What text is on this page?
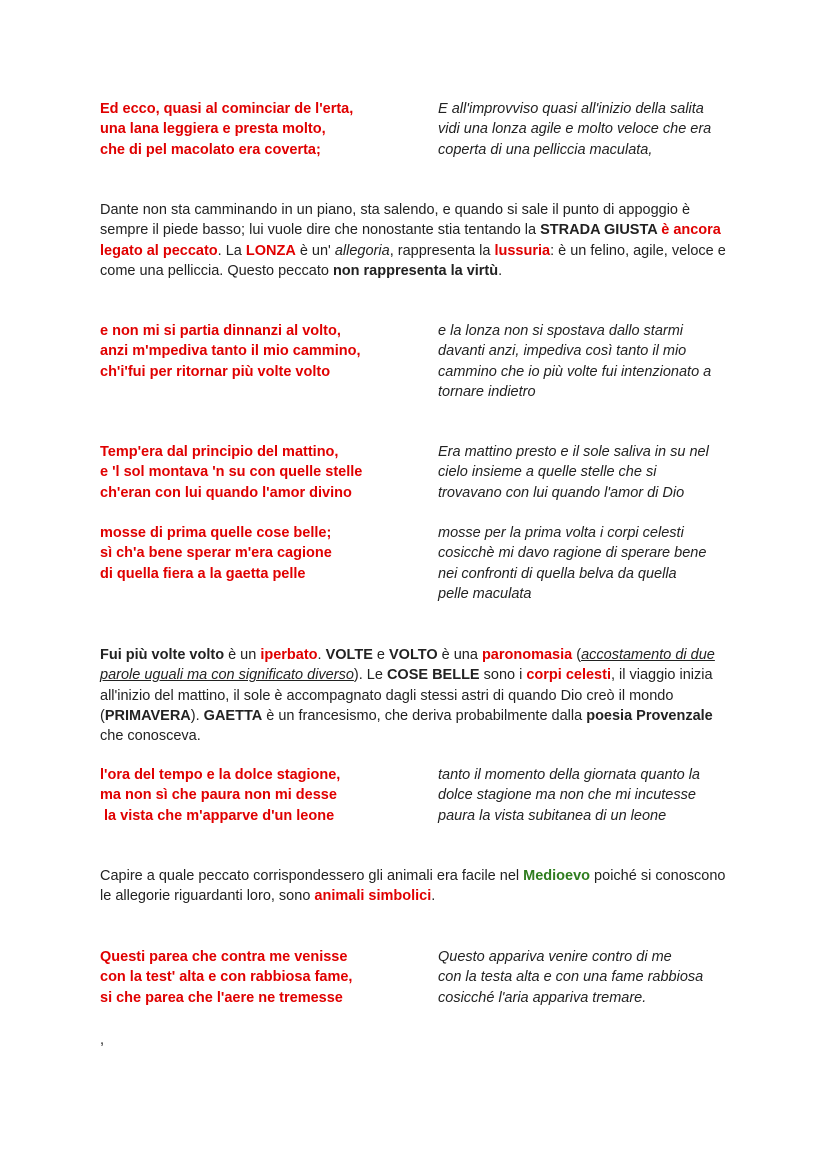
Ed ecco, quasi al cominciar de l'erta,
una lana leggiera e presta molto,
che di pel macolato era coverta;
E all'improvviso quasi all'inizio della salita
vidi una lonza agile e molto veloce che era
coperta di una pelliccia maculata,

Dante non sta camminando in un piano, sta salendo, e quando si sale il punto di appoggio è sempre il piede basso; lui vuole dire che nonostante stia tentando la STRADA GIUSTA è ancora legato al peccato. La LONZA è un' allegoria, rappresenta la lussuria: è un felino, agile, veloce e come una pelliccia. Questo peccato non rappresenta la virtù.

e non mi si partia dinnanzi al volto,
anzi m'mpediva tanto il mio cammino,
ch'i'fui per ritornar più volte volto
e la lonza non si spostava dallo starmi
davanti anzi, impediva così tanto il mio
cammino che io più volte fui intenzionato a
tornare indietro
Temp'era dal principio del mattino,
e 'l sol montava 'n su con quelle stelle
ch'eran con lui quando l'amor divino
Era mattino presto e il sole saliva in su nel
cielo insieme a quelle stelle che si
trovavano con lui quando l'amor di Dio
mosse di prima quelle cose belle;
sì ch'a bene sperar m'era cagione
di quella fiera a la gaetta pelle
mosse per la prima volta i corpi celesti
cosicchè mi davo ragione di sperare bene
nei confronti di quella belva da quella
pelle maculata

Fui più volte volto è un iperbato. VOLTE e VOLTO è una paronomasia (accostamento di due parole uguali ma con significato diverso). Le COSE BELLE sono i corpi celesti, il viaggio inizia all'inizio del mattino, il sole è accompagnato dagli stessi astri di quando Dio creò il mondo (PRIMAVERA). GAETTA è un francesismo, che deriva probabilmente dalla poesia Provenzale che conosceva.

l'ora del tempo e la dolce stagione,
ma non sì che paura non mi desse
la vista che m'apparve d'un leone
tanto il momento della giornata quanto la
dolce stagione ma non che mi incutesse
paura la vista subitanea di un leone

Capire a quale peccato corrispondessero gli animali era facile nel Medioevo poiché si conoscono le allegorie riguardanti loro, sono animali simbolici.

Questi parea che contra me venisse
con la test' alta e con rabbiosa fame,
si che parea che l'aere ne tremesse
Questo appariva venire contro di me
con la testa alta e con una fame rabbiosa
cosicché l'aria appariva tremare.
,
